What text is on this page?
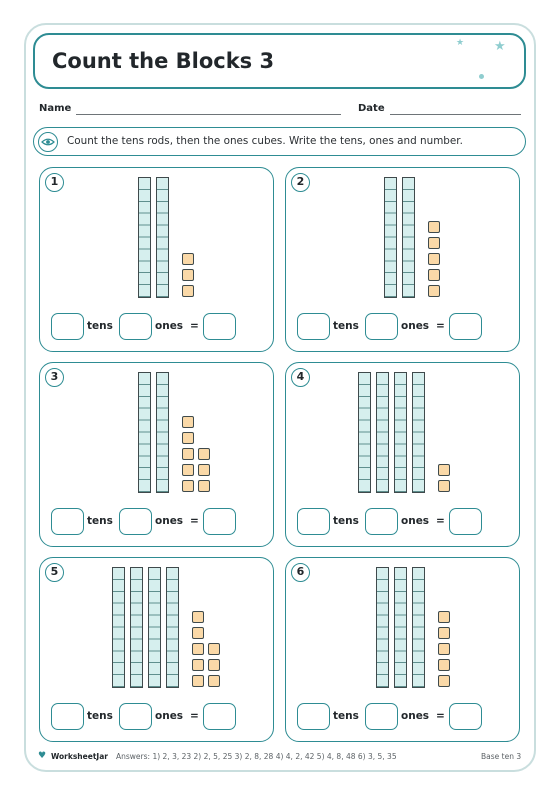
Count the Blocks 3
★ ★
Name	Date
Count the tens rods, then the ones cubes. Write the tens, ones and number.
1
tens	ones =
2
tens	ones =
3
tens	ones =
4
tens	ones =
5
tens	ones =
6
tens	ones =
♥ WorksheetJar Answers: 1) 2, 3, 23 2) 2, 5, 25 3) 2, 8, 28 4) 4, 2, 42 5) 4, 8, 48 6) 3, 5, 35	Base ten 3
